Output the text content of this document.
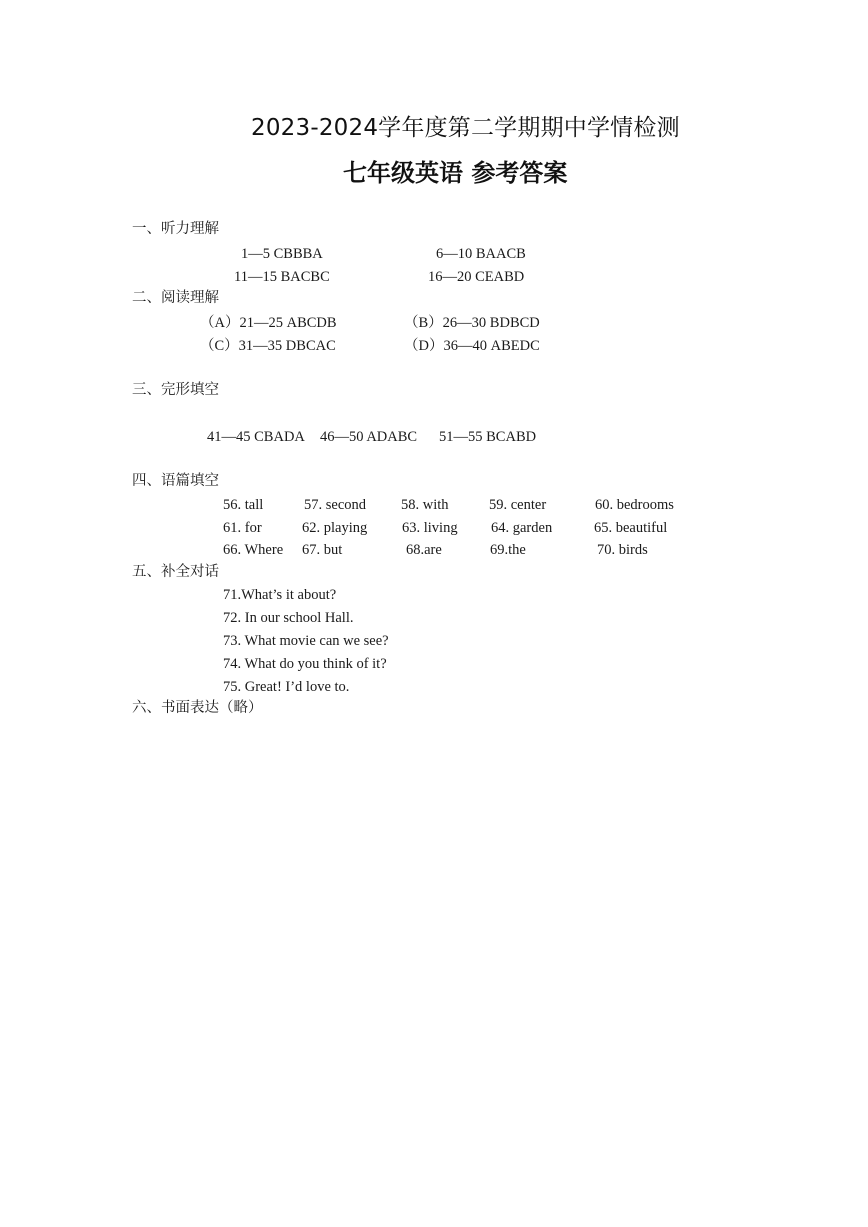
2023-2024学年度第二学期期中学情检测
七年级英语 参考答案
一、听力理解
1—5 CBBBA	6—10 BAACB
11—15 BACBC	16—20 CEABD
二、阅读理解
（A）21—25 ABCDB	（B）26—30 BDBCD
（C）31—35 DBCAC	（D）36—40 ABEDC
三、完形填空
41—45 CBADA 46—50 ADABC 51—55 BCABD
四、语篇填空
56. tall	57. second 58. with	59. center	60. bedrooms
61. for	62. playing 63. living 64. garden	65. beautiful
66. Where 67. but	68.are	69.the	70. birds
五、补全对话
71.What’s it about?
72. In our school Hall.
73. What movie can we see?
74. What do you think of it?
75. Great! I’d love to.
六、书面表达（略）
